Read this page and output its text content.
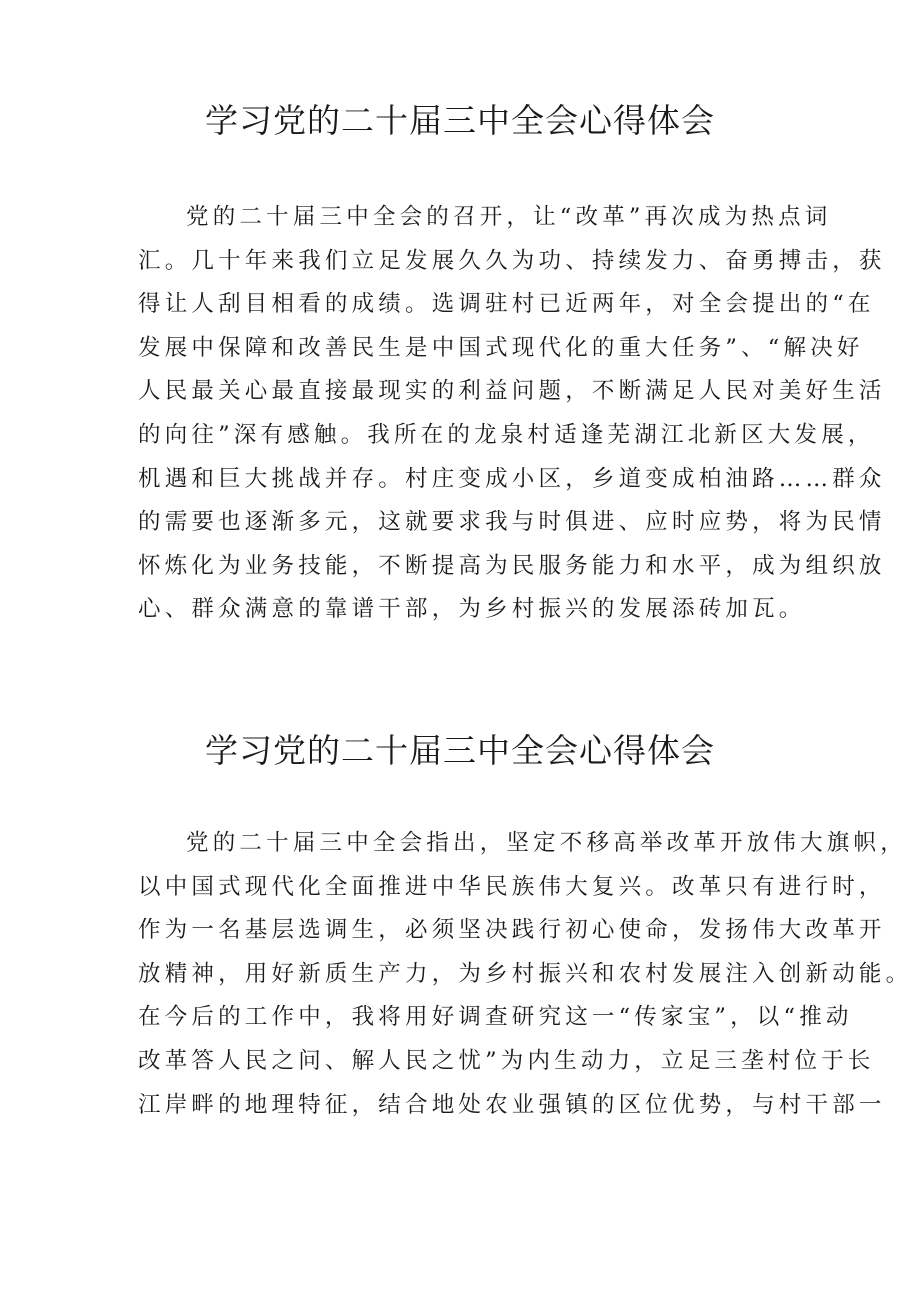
学习党的二十届三中全会心得体会
党的二十届三中全会的召开，让“改革”再次成为热点词
汇。几十年来我们立足发展久久为功、持续发力、奋勇搏击，获
得让人刮目相看的成绩。选调驻村已近两年，对全会提出的“在
发展中保障和改善民生是中国式现代化的重大任务”、“解决好
人民最关心最直接最现实的利益问题，不断满足人民对美好生活
的向往”深有感触。我所在的龙泉村适逢芜湖江北新区大发展，
机遇和巨大挑战并存。村庄变成小区，乡道变成柏油路……群众
的需要也逐渐多元，这就要求我与时俱进、应时应势，将为民情
怀炼化为业务技能，不断提高为民服务能力和水平，成为组织放
心、群众满意的靠谱干部，为乡村振兴的发展添砖加瓦。
学习党的二十届三中全会心得体会
党的二十届三中全会指出，坚定不移高举改革开放伟大旗帜，
以中国式现代化全面推进中华民族伟大复兴。改革只有进行时，
作为一名基层选调生，必须坚决践行初心使命，发扬伟大改革开
放精神，用好新质生产力，为乡村振兴和农村发展注入创新动能。
在今后的工作中，我将用好调查研究这一“传家宝”，以“推动
改革答人民之问、解人民之忧”为内生动力，立足三垄村位于长
江岸畔的地理特征，结合地处农业强镇的区位优势，与村干部一
